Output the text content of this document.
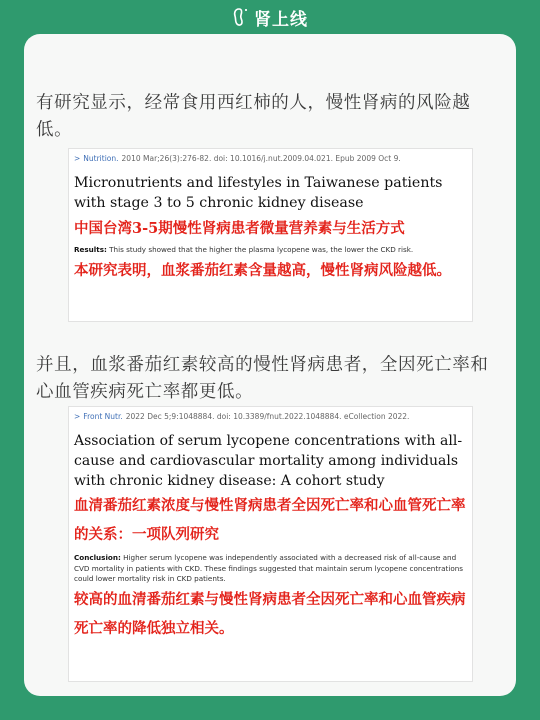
肾上线
有研究显示，经常食用西红柿的人，慢性肾病的风险越低。
> Nutrition. 2010 Mar;26(3):276-82. doi: 10.1016/j.nut.2009.04.021. Epub 2009 Oct 9.
Micronutrients and lifestyles in Taiwanese patients with stage 3 to 5 chronic kidney disease
中国台湾3-5期慢性肾病患者微量营养素与生活方式
Results: This study showed that the higher the plasma lycopene was, the lower the CKD risk.
本研究表明，血浆番茄红素含量越高，慢性肾病风险越低。
并且，血浆番茄红素较高的慢性肾病患者，全因死亡率和心血管疾病死亡率都更低。
> Front Nutr. 2022 Dec 5;9:1048884. doi: 10.3389/fnut.2022.1048884. eCollection 2022.
Association of serum lycopene concentrations with all-cause and cardiovascular mortality among individuals with chronic kidney disease: A cohort study
血清番茄红素浓度与慢性肾病患者全因死亡率和心血管死亡率的关系：一项队列研究
Conclusion: Higher serum lycopene was independently associated with a decreased risk of all-cause and CVD mortality in patients with CKD. These findings suggested that maintain serum lycopene concentrations could lower mortality risk in CKD patients.
较高的血清番茄红素与慢性肾病患者全因死亡率和心血管疾病死亡率的降低独立相关。
